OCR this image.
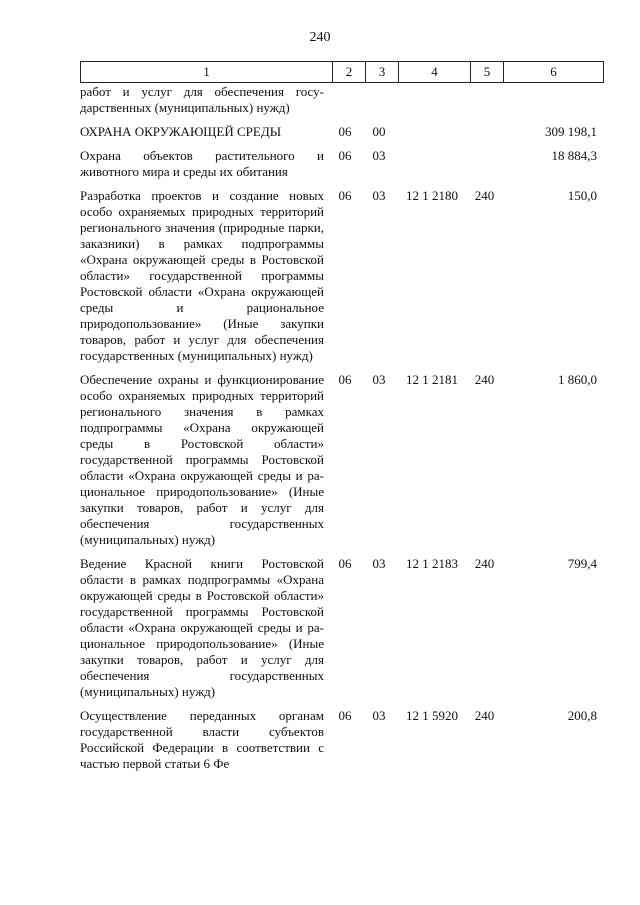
240
1	2	3	4	5	6
работ и услуг для обеспечения государственных (муниципальных) нужд)					
ОХРАНА ОКРУЖАЮЩЕЙ СРЕДЫ	06	00			309 198,1
Охрана объектов растительного и животного мира и среды их обитания	06	03			18 884,3
Разработка проектов и создание новых особо охраняемых природных территорий регионального значения (природные парки, заказники) в рамках подпрограммы «Охрана окружающей среды в Ростовской области» государственной программы Ростовской области «Охрана окружающей среды и рациональное природопользование» (Иные закупки товаров, работ и услуг для обеспечения государственных (муниципальных) нужд)	06	03	12 1 2180	240	150,0
Обеспечение охраны и функционирование особо охраняемых природных территорий регионального значения в рамках подпрограммы «Охрана окружающей среды в Ростовской области» государственной программы Ростовской области «Охрана окружающей среды и рациональное природопользование» (Иные закупки товаров, работ и услуг для обеспечения государственных (муниципальных) нужд)	06	03	12 1 2181	240	1 860,0
Ведение Красной книги Ростовской области в рамках подпрограммы «Охрана окружающей среды в Ростовской области» государственной программы Ростовской области «Охрана окружающей среды и рациональное природопользование» (Иные закупки товаров, работ и услуг для обеспечения государственных (муниципальных) нужд)	06	03	12 1 2183	240	799,4
Осуществление переданных органам государственной власти субъектов Российской Федерации в соответствии с частью первой статьи 6 Фе	06	03	12 1 5920	240	200,8
